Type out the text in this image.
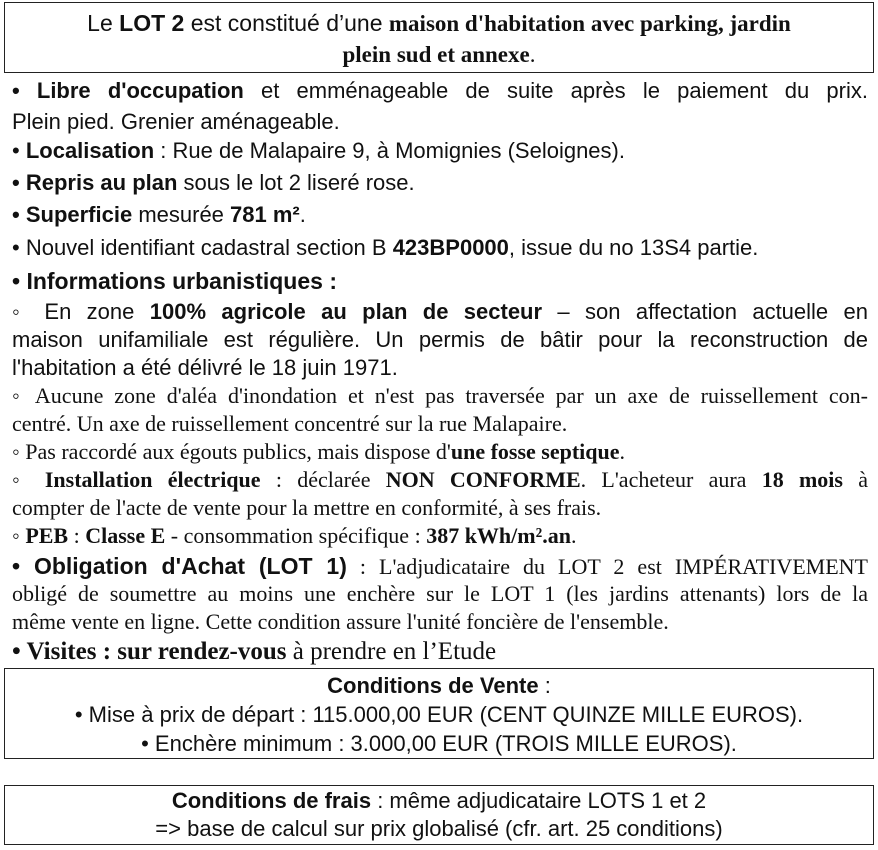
Le LOT 2 est constitué d’une maison d'habitation avec parking, jardin
plein sud et annexe.
• Libre d'occupation et emménageable de suite après le paiement du prix.
Plein pied. Grenier aménageable.
• Localisation : Rue de Malapaire 9, à Momignies (Seloignes).
• Repris au plan sous le lot 2 liseré rose.
• Superficie mesurée 781 m².
• Nouvel identifiant cadastral section B 423BP0000, issue du no 13S4 partie.
• Informations urbanistiques :
◦ En zone 100% agricole au plan de secteur – son affectation actuelle en
maison unifamiliale est régulière. Un permis de bâtir pour la reconstruction de
l'habitation a été délivré le 18 juin 1971.
◦ Aucune zone d'aléa d'inondation et n'est pas traversée par un axe de ruissellement con-
centré. Un axe de ruissellement concentré sur la rue Malapaire.
◦ Pas raccordé aux égouts publics, mais dispose d'une fosse septique.
◦ Installation électrique : déclarée NON CONFORME. L'acheteur aura 18 mois à
compter de l'acte de vente pour la mettre en conformité, à ses frais.
◦ PEB : Classe E - consommation spécifique : 387 kWh/m².an.
• Obligation d'Achat (LOT 1) : L'adjudicataire du LOT 2 est IMPÉRATIVEMENT
obligé de soumettre au moins une enchère sur le LOT 1 (les jardins attenants) lors de la
même vente en ligne. Cette condition assure l'unité foncière de l'ensemble.
• Visites : sur rendez-vous à prendre en l’Etude
Conditions de Vente :
• Mise à prix de départ : 115.000,00 EUR (CENT QUINZE MILLE EUROS).
• Enchère minimum : 3.000,00 EUR (TROIS MILLE EUROS).
Conditions de frais : même adjudicataire LOTS 1 et 2
=> base de calcul sur prix globalisé (cfr. art. 25 conditions)
